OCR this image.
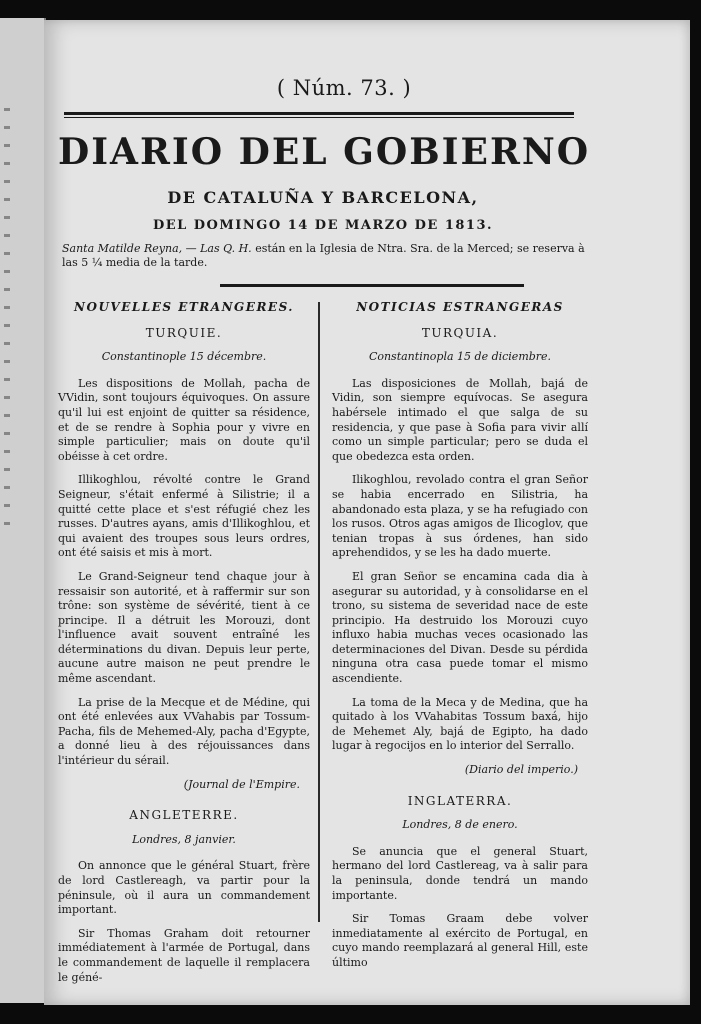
( Núm. 73. )
DIARIO DEL GOBIERNO
DE CATALUÑA Y BARCELONA,
DEL DOMINGO 14 DE MARZO DE 1813.
Santa Matilde Reyna, — Las Q. H. están en la Iglesia de Ntra. Sra. de la Merced; se reserva à las 5 ¼ media de la tarde.
NOUVELLES ETRANGERES.
TURQUIE.
Constantinople 15 décembre.

Les dispositions de Mollah, pacha de VVidin, sont toujours équivoques. On assure qu'il lui est enjoint de quitter sa résidence, et de se rendre à Sophia pour y vivre en simple particulier; mais on doute qu'il obéisse à cet ordre.

Illikoghlou, révolté contre le Grand Seigneur, s'était enfermé à Silistrie; il a quitté cette place et s'est réfugié chez les russes. D'autres ayans, amis d'Illikoghlou, et qui avaient des troupes sous leurs ordres, ont été saisis et mis à mort.

Le Grand-Seigneur tend chaque jour à ressaisir son autorité, et à raffermir sur son trône: son système de sévérité, tient à ce principe. Il a détruit les Morouzi, dont l'influence avait souvent entraîné les déterminations du divan. Depuis leur perte, aucune autre maison ne peut prendre le même ascendant.

La prise de la Mecque et de Médine, qui ont été enlevées aux VVahabis par Tossum-Pacha, fils de Mehemed-Aly, pacha d'Egypte, a donné lieu à des réjouissances dans l'intérieur du sérail.

(Journal de l'Empire.
ANGLETERRE.
Londres, 8 janvier.

On annonce que le général Stuart, frère de lord Castlereagh, va partir pour la péninsule, où il aura un commandement important.

Sir Thomas Graham doit retourner immédiatement à l'armée de Portugal, dans le commandement de laquelle il remplacera le géné-

NOTICIAS ESTRANGERAS
TURQUIA.
Constantinopla 15 de diciembre.

Las disposiciones de Mollah, bajá de Vidin, son siempre equívocas. Se asegura habérsele intimado el que salga de su residencia, y que pase à Sofia para vivir allí como un simple particular; pero se duda el que obedezca esta orden.

Ilikoghlou, revolado contra el gran Señor se habia encerrado en Silistria, ha abandonado esta plaza, y se ha refugiado con los rusos. Otros agas amigos de Ilicoglov, que tenian tropas à sus órdenes, han sido aprehendidos, y se les ha dado muerte.

El gran Señor se encamina cada dia à asegurar su autoridad, y à consolidarse en el trono, su sistema de severidad nace de este principio. Ha destruido los Morouzi cuyo influxo habia muchas veces ocasionado las determinaciones del Divan. Desde su pérdida ninguna otra casa puede tomar el mismo ascendiente.

La toma de la Meca y de Medina, que ha quitado à los VVahabitas Tossum baxá, hijo de Mehemet Aly, bajá de Egipto, ha dado lugar à regocijos en lo interior del Serrallo.

(Diario del imperio.)
INGLATERRA.
Londres, 8 de enero.

Se anuncia que el general Stuart, hermano del lord Castlereag, va à salir para la peninsula, donde tendrá un mando importante.

Sir Tomas Graam debe volver inmediatamente al exército de Portugal, en cuyo mando reemplazará al general Hill, este último
